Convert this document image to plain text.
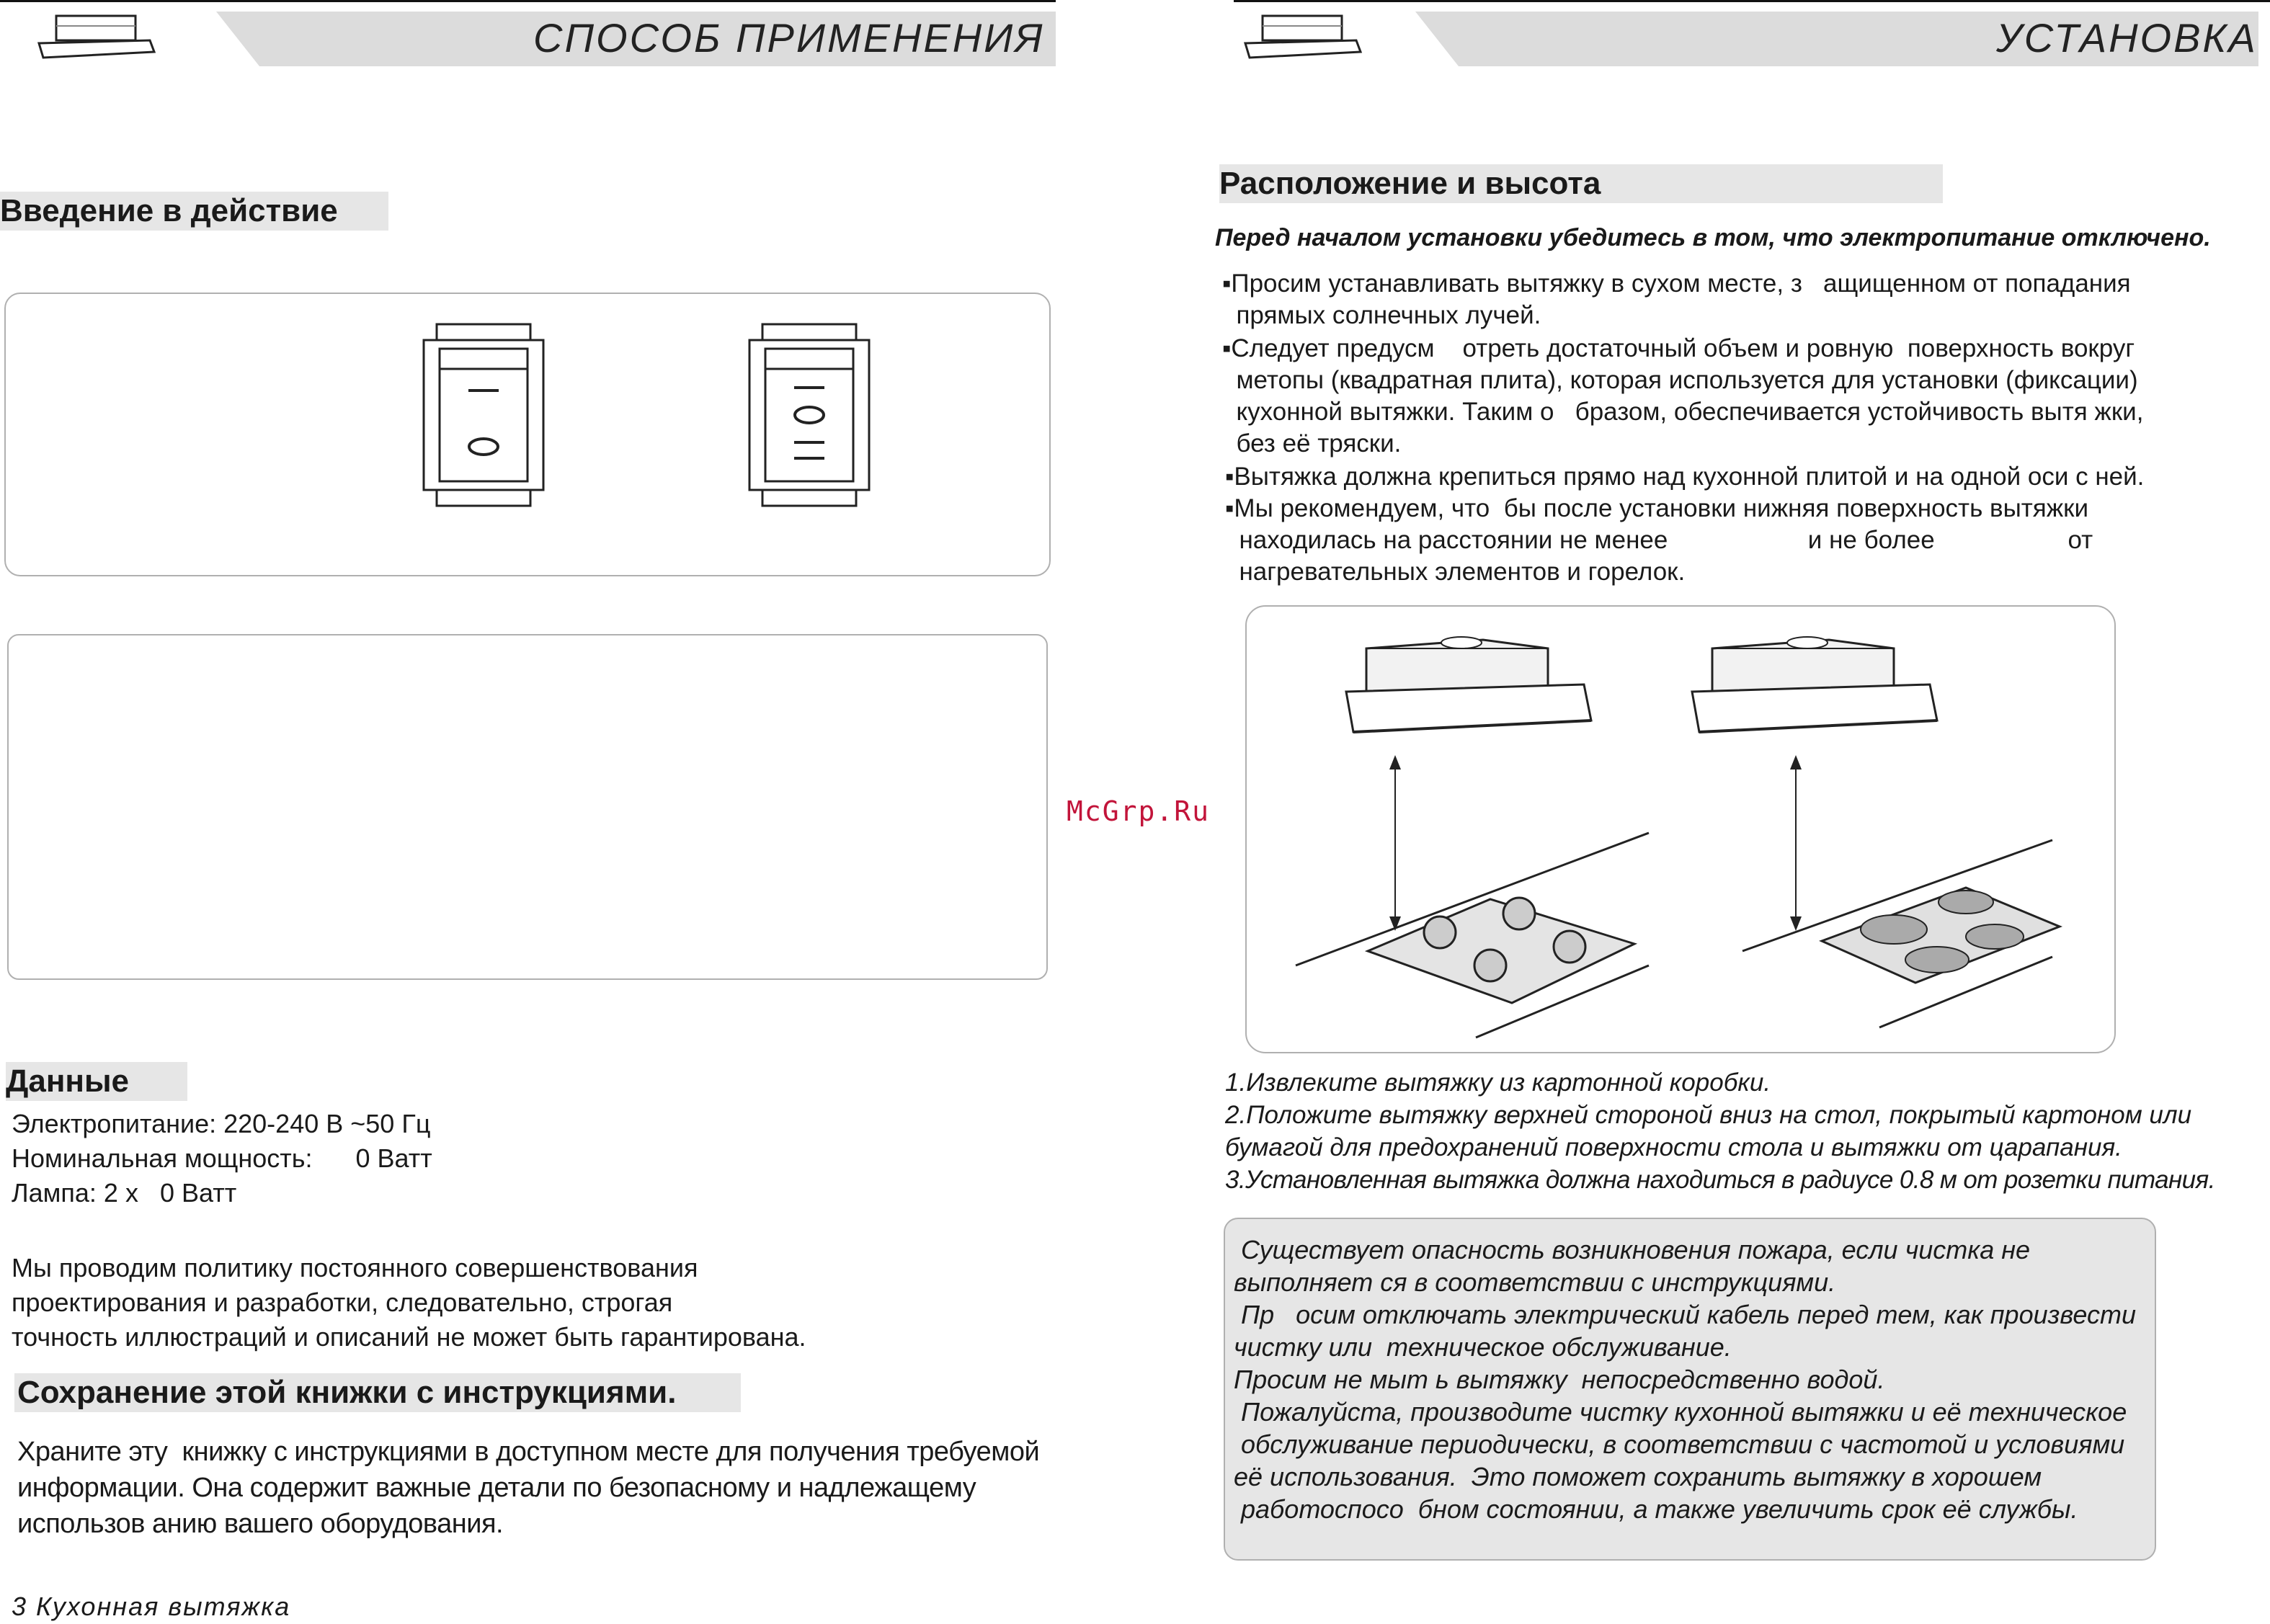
СПОСОБ ПРИМЕНЕНИЯ
Введение в действие
Данные
Электропитание: 220-240 В ~50 Гц
Номинальная мощность:      0 Ватт
Лампа: 2 х   0 Ватт
Мы проводим политику постоянного совершенствования
проектирования и разработки, следовательно, строгая
точность иллюстраций и описаний не может быть гарантирована.
Сохранение этой книжки с инструкциями.
Храните эту  книжку с инструкциями в доступном месте для получения требуемой
информации. Она содержит важные детали по безопасному и надлежащему
использов анию вашего оборудования.
3 Кухонная вытяжка
McGrp.Ru
УСТАНОВКА
Расположение и высота
Перед началом установки убедитесь в том, что электропитание отключено.
▪Просим устанавливать вытяжку в сухом месте, з   ащищенном от попадания
прямых солнечных лучей.
▪Следует предусм    отреть достаточный объем и ровную  поверхность вокруг
метопы (квадратная плита), которая используется для установки (фиксации)
кухонной вытяжки. Таким о   бразом, обеспечивается устойчивость вытя жки,
без её тряски.
▪Вытяжка должна крепиться прямо над кухонной плитой и на одной оси с ней.
▪Мы рекомендуем, что  бы после установки нижняя поверхность вытяжки
находилась на расстоянии не менее                    и не более                   от
нагревательных элементов и горелок.
1.Извлеките вытяжку из картонной коробки.
2.Положите вытяжку верхней стороной вниз на стол, покрытый картоном или
бумагой для предохранений поверхности стола и вытяжки от царапания.
3.Установленная вытяжка должна находиться в радиусе 0.8 м от розетки питания.
Существует опасность возникновения пожара, если чистка не
выполняет ся в соответствии с инструкциями.
Пр   осим отключать электрический кабель перед тем, как произвести
чистку или  техническое обслуживание.
Просим не мыт ь вытяжку  непосредственно водой.
Пожалуйста, производите чистку кухонной вытяжки и её техническое
обслуживание периодически, в соответствии с частотой и условиями
её использования.  Это поможет сохранить вытяжку в хорошем
работоспосо  бном состоянии, а также увеличить срок её службы.
